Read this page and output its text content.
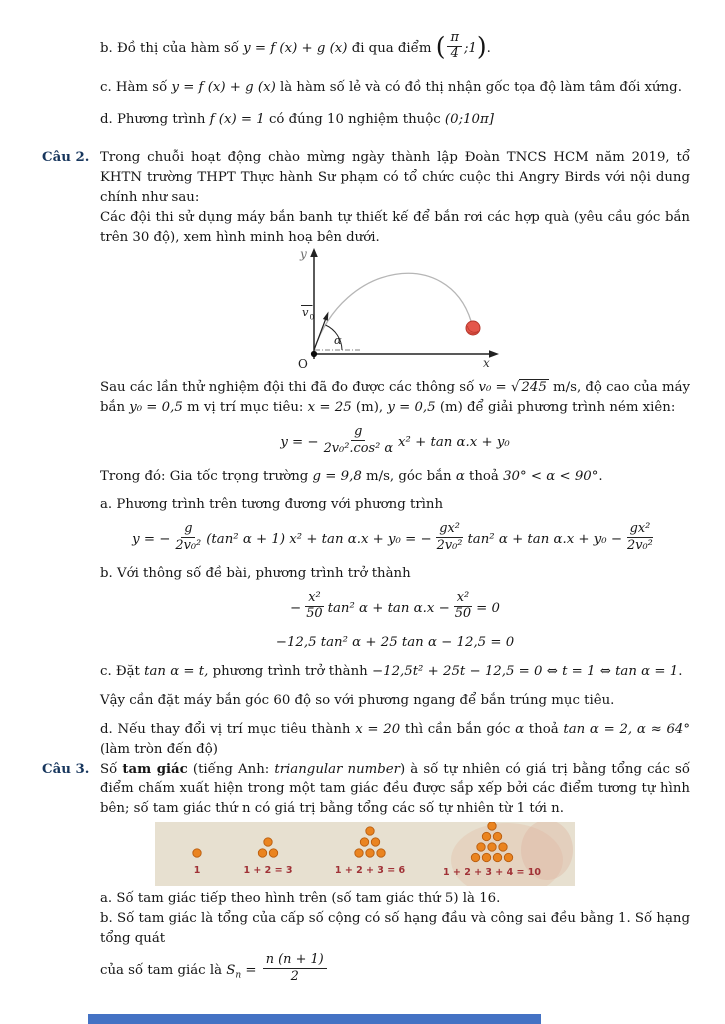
b. Đồ thị của hàm số y = f (x) + g (x) đi qua điểm ( $\frac{\pi}{4}$ ;1).

c. Hàm số y = f (x) + g (x) là hàm số lẻ và có đồ thị nhận gốc tọa độ làm tâm đối xứng.

d. Phương trình f (x) = 1 có đúng 10 nghiệm thuộc (0;10π]

Câu 2. Trong chuỗi hoạt động chào mừng ngày thành lập Đoàn TNCS HCM năm 2019, tổ KHTN trường THPT Thực hành Sư phạm có tổ chức cuộc thi Angry Birds với nội dung chính như sau:

Các đội thi sử dụng máy bắn banh tự thiết kế để bắn rơi các hợp quà (yêu cầu góc bắn trên 30 độ), xem hình minh hoạ bên dưới.

v 0
α
y
x
O

Sau các lần thử nghiệm đội thi đã đo được các thông số v₀ = √ 245 m/s, độ cao của máy bắn y₀ = 0,5 m vị trí mục tiêu: x = 25 (m), y = 0,5 (m) để giải phương trình ném xiên:

y = − $\frac{g}{\text{2v₀².cos² α}} x^2 + \tan \alpha.x + y_0$

Trong đó: Gia tốc trọng trường g = 9,8 m/s, góc bắn α thoả 30° < α < 90°.

a. Phương trình trên tương đương với phương trình

y = − $\frac{g}{\text{2v₀²}} (\tan^2$ α + 1) x² + tan α.x + y₀ = − $\frac{\text{gx²}}{\text{2v₀²}} \tan^2$ $\alpha + \tan \alpha.x + y_0 - \frac{\text{gx²}}{\text{2v₀²}}$

b. Với thông số đề bài, phương trình trở thành

− $\frac{\text{x²}}{50} \tan^2$ $\alpha + \tan \alpha.x - \frac{\text{x²}}{50} = 0$

−12,5 tan² α + 25 tan α − 12,5 = 0

c. Đặt tan α = t, phương trình trở thành −12,5t² + 25t − 12,5 = 0 ⇔ t = 1 ⇔ tan α = 1.

Vậy cần đặt máy bắn góc 60 độ so với phương ngang để bắn trúng mục tiêu.

d. Nếu thay đổi vị trí mục tiêu thành x = 20 thì cần bắn góc α thoả tan α = 2, α ≈ 64° (làm tròn đến độ)

Câu 3. Số tam giác (tiếng Anh: triangular number) à số tự nhiên có giá trị bằng tổng các số điểm chấm xuất hiện trong một tam giác đều được sắp xếp bởi các điểm tương tự hình bên; số tam giác thứ n có giá trị bằng tổng các số tự nhiên từ 1 tới n.

1	1 + 2 = 3	1 + 2 + 3 = 6	1 + 2 + 3 + 4 = 10

a. Số tam giác tiếp theo hình trên (số tam giác thứ 5) là 16.

b. Số tam giác là tổng của cấp số cộng có số hạng đầu và công sai đều bằng 1. Số hạng tổng quát

của số tam giác là $S_n = \frac{n (n + 1)}{2}$
